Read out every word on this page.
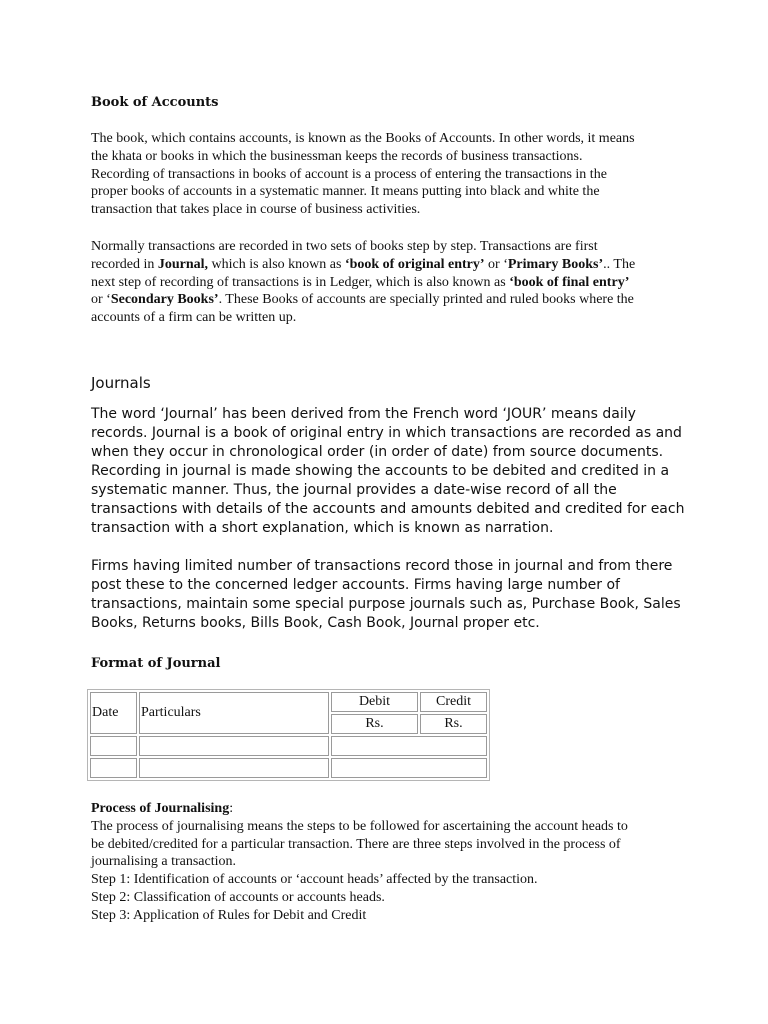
Book of Accounts

The book, which contains accounts, is known as the Books of Accounts. In other words, it means
the khata or books in which the businessman keeps the records of business transactions.
Recording of transactions in books of account is a process of entering the transactions in the
proper books of accounts in a systematic manner. It means putting into black and white the
transaction that takes place in course of business activities.

Normally transactions are recorded in two sets of books step by step. Transactions are first
recorded in Journal, which is also known as ‘book of original entry’ or ‘Primary Books’.. The
next step of recording of transactions is in Ledger, which is also known as ‘book of final entry’
or ‘Secondary Books’. These Books of accounts are specially printed and ruled books where the
accounts of a firm can be written up.

Journals

The word ‘Journal’ has been derived from the French word ‘JOUR’ means daily
records. Journal is a book of original entry in which transactions are recorded as and
when they occur in chronological order (in order of date) from source documents.
Recording in journal is made showing the accounts to be debited and credited in a
systematic manner. Thus, the journal provides a date-wise record of all the
transactions with details of the accounts and amounts debited and credited for each
transaction with a short explanation, which is known as narration.

Firms having limited number of transactions record those in journal and from there
post these to the concerned ledger accounts. Firms having large number of
transactions, maintain some special purpose journals such as, Purchase Book, Sales
Books, Returns books, Bills Book, Cash Book, Journal proper etc.

Format of Journal
Date	Particulars	Debit	Credit
		Rs.	Rs.

Process of Journalising:
The process of journalising means the steps to be followed for ascertaining the account heads to
be debited/credited for a particular transaction. There are three steps involved in the process of
journalising a transaction.
Step 1: Identification of accounts or ‘account heads’ affected by the transaction.
Step 2: Classification of accounts or accounts heads.
Step 3: Application of Rules for Debit and Credit
